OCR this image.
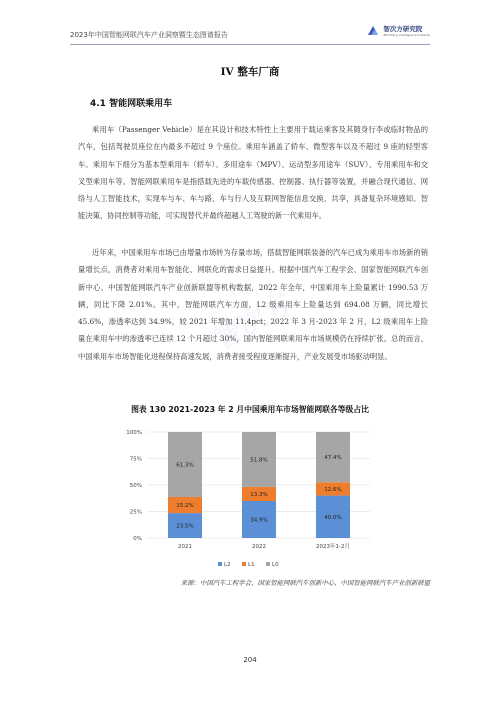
2023年中国智能网联汽车产业洞察暨生态图谱报告
智次方研究院
ZhiCiFang Intelligence Institute
IV 整车厂商
4.1 智能网联乘用车
乘用车（Passenger Vehicle）是在其设计和技术特性上主要用于载运乘客及其随身行李或临时物品的汽车，包括驾驶员座位在内最多不超过 9 个座位。乘用车涵盖了轿车、微型客车以及不超过 9 座的轻型客车。乘用车下细分为基本型乘用车（轿车）、多用途车（MPV）、运动型多用途车（SUV）、专用乘用车和交叉型乘用车等。智能网联乘用车是指搭载先进的车载传感器、控制器、执行器等装置，并融合现代通信、网络与人工智能技术，实现车与车、车与路、车与行人及互联网智能信息交换、共享，具备复杂环境感知、智能决策、协同控制等功能，可实现替代并最终超越人工驾驶的新一代乘用车。
近年来，中国乘用车市场已由增量市场转为存量市场，搭载智能网联装备的汽车已成为乘用车市场新的销量增长点，消费者对乘用车智能化、网联化的需求日益提升。根据中国汽车工程学会、国家智能网联汽车创新中心、中国智能网联汽车产业创新联盟等机构数据，2022 年全年，中国乘用车上险量累计 1990.53 万辆，同比下降 2.01%。其中，智能网联汽车方面，L2 级乘用车上险量达到 694.08 万辆，同比增长 45.6%，渗透率达到 34.9%，较 2021 年增加 11.4pct；2022 年 3 月-2023 年 2 月，L2 级乘用车上险量在乘用车中的渗透率已连续 12 个月超过 30%，国内智能网联乘用车市场规模仍在持续扩张。总的而言，中国乘用车市场智能化进程保持高速发展，消费者接受程度逐渐提升，产业发展受市场驱动明显。
智次方
图表 130 2021-2023 年 2 月中国乘用车市场智能网联各等级占比
0%
25%
50%
75%
100%
23.5%
15.2%
61.3%
2021
34.9%
13.3%
51.8%
2022
40.0%
12.6%
47.4%
2023年1-2月
L2	L1	L0
来源：中国汽车工程学会、国家智能网联汽车创新中心、中国智能网联汽车产业创新联盟
204
